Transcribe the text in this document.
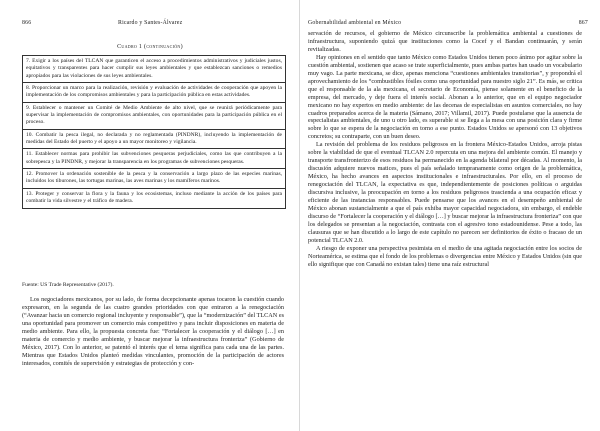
866	Ricardo y Santes-Álvarez
Cuadro 1 (continuación)
7. Exigir a los países del TLCAN que garanticen el acceso a procedimientos administrativos y judiciales justos, equitativos y transparentes para hacer cumplir sus leyes ambientales y que establezcan sanciones o remedios apropiados para las violaciones de sus leyes ambientales.
8. Proporcionar un marco para la realización, revisión y evaluación de actividades de cooperación que apoyen la implementación de los compromisos ambientales y para la participación pública en estas actividades.
9. Establecer o mantener un Comité de Medio Ambiente de alto nivel, que se reunirá periódicamente para supervisar la implementación de compromisos ambientales, con oportunidades para la participación pública en el proceso.
10. Combatir la pesca ilegal, no declarada y no reglamentada (PINDNR), incluyendo la implementación de medidas del Estado del puerto y el apoyo a un mayor monitoreo y vigilancia.
11. Establecer normas para prohibir las subvenciones pesqueras perjudiciales, como las que contribuyen a la sobrepesca y la PINDNR, y mejorar la transparencia en los programas de subvenciones pesqueras.
12. Promover la ordenación sostenible de la pesca y la conservación a largo plazo de las especies marinas, incluidos los tiburones, las tortugas marinas, las aves marinas y los mamíferos marinos.
13. Proteger y conservar la flora y la fauna y los ecosistemas, incluso mediante la acción de los países para combatir la vida silvestre y el tráfico de madera.
Fuente: US Trade Representative (2017).

Los negociadores mexicanos, por su lado, de forma decepcionante apenas tocaron la cuestión cuando expresaron, en la segunda de las cuatro grandes prioridades con que entraron a la renegociación (“Avanzar hacia un comercio regional incluyente y responsable”), que la “modernización” del TLCAN es una oportunidad para promover un comercio más competitivo y para incluir disposiciones en materia de medio ambiente. Para ello, la propuesta concreta fue: “Fortalecer la cooperación y el diálogo […] en materia de comercio y medio ambiente, y buscar mejorar la infraestructura fronteriza” (Gobierno de México, 2017). Con lo anterior, se patentó el interés que el tema significa para cada una de las partes. Mientras que Estados Unidos planteó medidas vinculantes, promoción de la participación de actores interesados, comités de supervisión y estrategias de protección y con-

Gobernabilidad ambiental en México	867

servación de recursos, el gobierno de México circunscribe la problemática ambiental a cuestiones de infraestructura, suponiendo quizá que instituciones como la Cocef y el Bandan continuarán, y serán revitalizadas.

Hay opiniones en el sentido que tanto México como Estados Unidos tienen poco ánimo por agitar sobre la cuestión ambiental, sostienen que acaso se trate superficialmente, pues ambas partes han usado un vocabulario muy vago. La parte mexicana, se dice, apenas menciona “cuestiones ambientales transitorias”, y propondrá el aprovechamiento de los “combustibles fósiles como una oportunidad para nuestro siglo 21”. Es más, se critica que el responsable de la ala mexicana, el secretario de Economía, piense solamente en el beneficio de la empresa, del mercado, y deje fuera el interés social. Abonan a lo anterior, que en el equipo negociador mexicano no hay expertos en medio ambiente: de las decenas de especialistas en asuntos comerciales, no hay cuadros preparados acerca de la materia (Sámano, 2017; Villamil, 2017). Puede postularse que la ausencia de especialistas ambientales, de uno u otro lado, es superable si se llega a la mesa con una posición clara y firme sobre lo que se espera de la negociación en torno a ese punto. Estados Unidos se apersonó con 13 objetivos concretos; su contraparte, con un buen deseo.

La revisión del problema de los residuos peligrosos en la frontera México-Estados Unidos, arroja pistas sobre la viabilidad de que el eventual TLCAN 2.0 repercuta en una mejora del ambiente común. El manejo y transporte transfronterizo de esos residuos ha permanecido en la agenda bilateral por décadas. Al momento, la discusión adquiere nuevos matices, pues el país señalado tempranamente como origen de la problemática, México, ha hecho avances en aspectos institucionales e infraestructurales. Por ello, en el proceso de renegociación del TLCAN, la expectativa es que, independientemente de posiciones políticas o arguidas discursiva inclusive, la preocupación en torno a los residuos peligrosos trascienda a una ocupación eficaz y eficiente de las instancias responsables. Puede pensarse que los avances en el desempeño ambiental de México abonan sustancialmente a que el país exhiba mayor capacidad negociadora, sin embargo, el endeble discurso de “Fortalecer la cooperación y el diálogo […] y buscar mejorar la infraestructura fronteriza” con que los delegados se presentan a la negociación, contrasta con el agresivo tono estadounidense. Pese a todo, las clausuras que se han discutido a lo largo de este capítulo no parecen ser definitorios de éxito o fracaso de un potencial TLCAN 2.0.

A riesgo de exponer una perspectiva pesimista en el medio de una agitada negociación entre los socios de Norteamérica, se estima que el fondo de los problemas o divergencias entre México y Estados Unidos (sin que ello signifique que con Canadá no existan tales) tiene una raíz estructural
